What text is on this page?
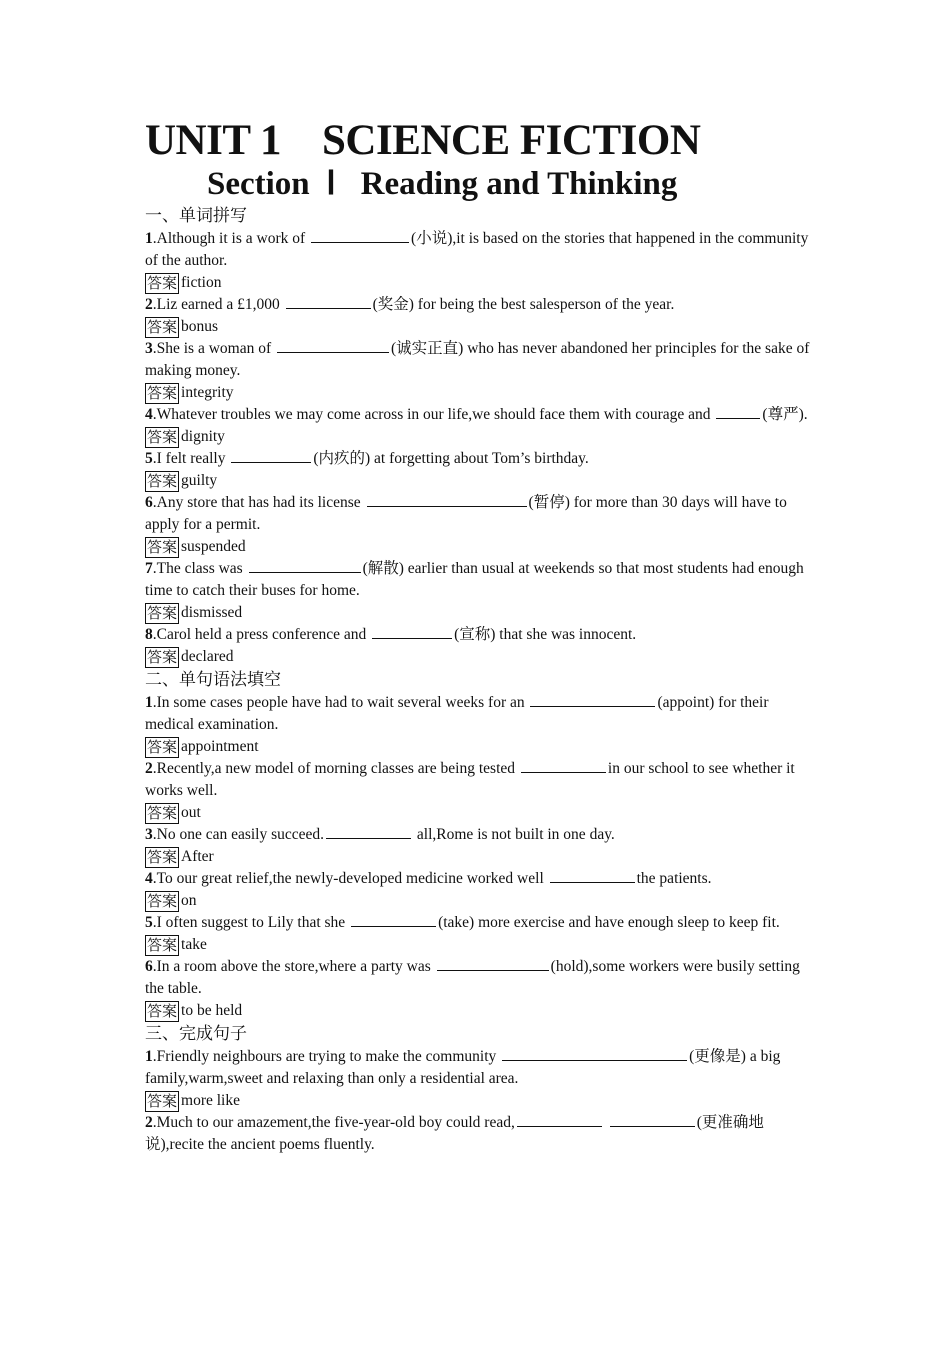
UNIT 1    SCIENCE FICTION
Section  Ⅰ   Reading and Thinking
一、单词拼写

1.Although it is a work of	(小说),it is based on the stories that happened in the community of the author.

答案 fiction

2.Liz earned a £1,000	(奖金) for being the best salesperson of the year.

答案 bonus

3.She is a woman of	(诚实正直) who has never abandoned her principles for the sake of making money.

答案 integrity

4.Whatever troubles we may come across in our life,we should face them with courage and	(尊严).

答案 dignity

5.I felt really	(内疚的) at forgetting about Tom’s birthday.

答案 guilty

6.Any store that has had its license	(暂停) for more than 30 days will have to apply for a permit.

答案 suspended

7.The class was	(解散) earlier than usual at weekends so that most students had enough time to catch their buses for home.

答案 dismissed

8.Carol held a press conference and	(宣称) that she was innocent.

答案 declared
二、单句语法填空

1.In some cases people have had to wait several weeks for an	(appoint) for their medical examination.

答案 appointment

2.Recently,a new model of morning classes are being tested	in our school to see whether it works well.

答案 out

3.No one can easily succeed.	all,Rome is not built in one day.

答案 After

4.To our great relief,the newly-developed medicine worked well	the patients.

答案 on

5.I often suggest to Lily that she	(take) more exercise and have enough sleep to keep fit.

答案 take

6.In a room above the store,where a party was	(hold),some workers were busily setting the table.

答案 to be held
三、完成句子

1.Friendly neighbours are trying to make the community	(更像是) a big family,warm,sweet and relaxing than only a residential area.

答案 more like

2.Much to our amazement,the five-year-old boy could read,	(更准确地说),recite the ancient poems fluently.
